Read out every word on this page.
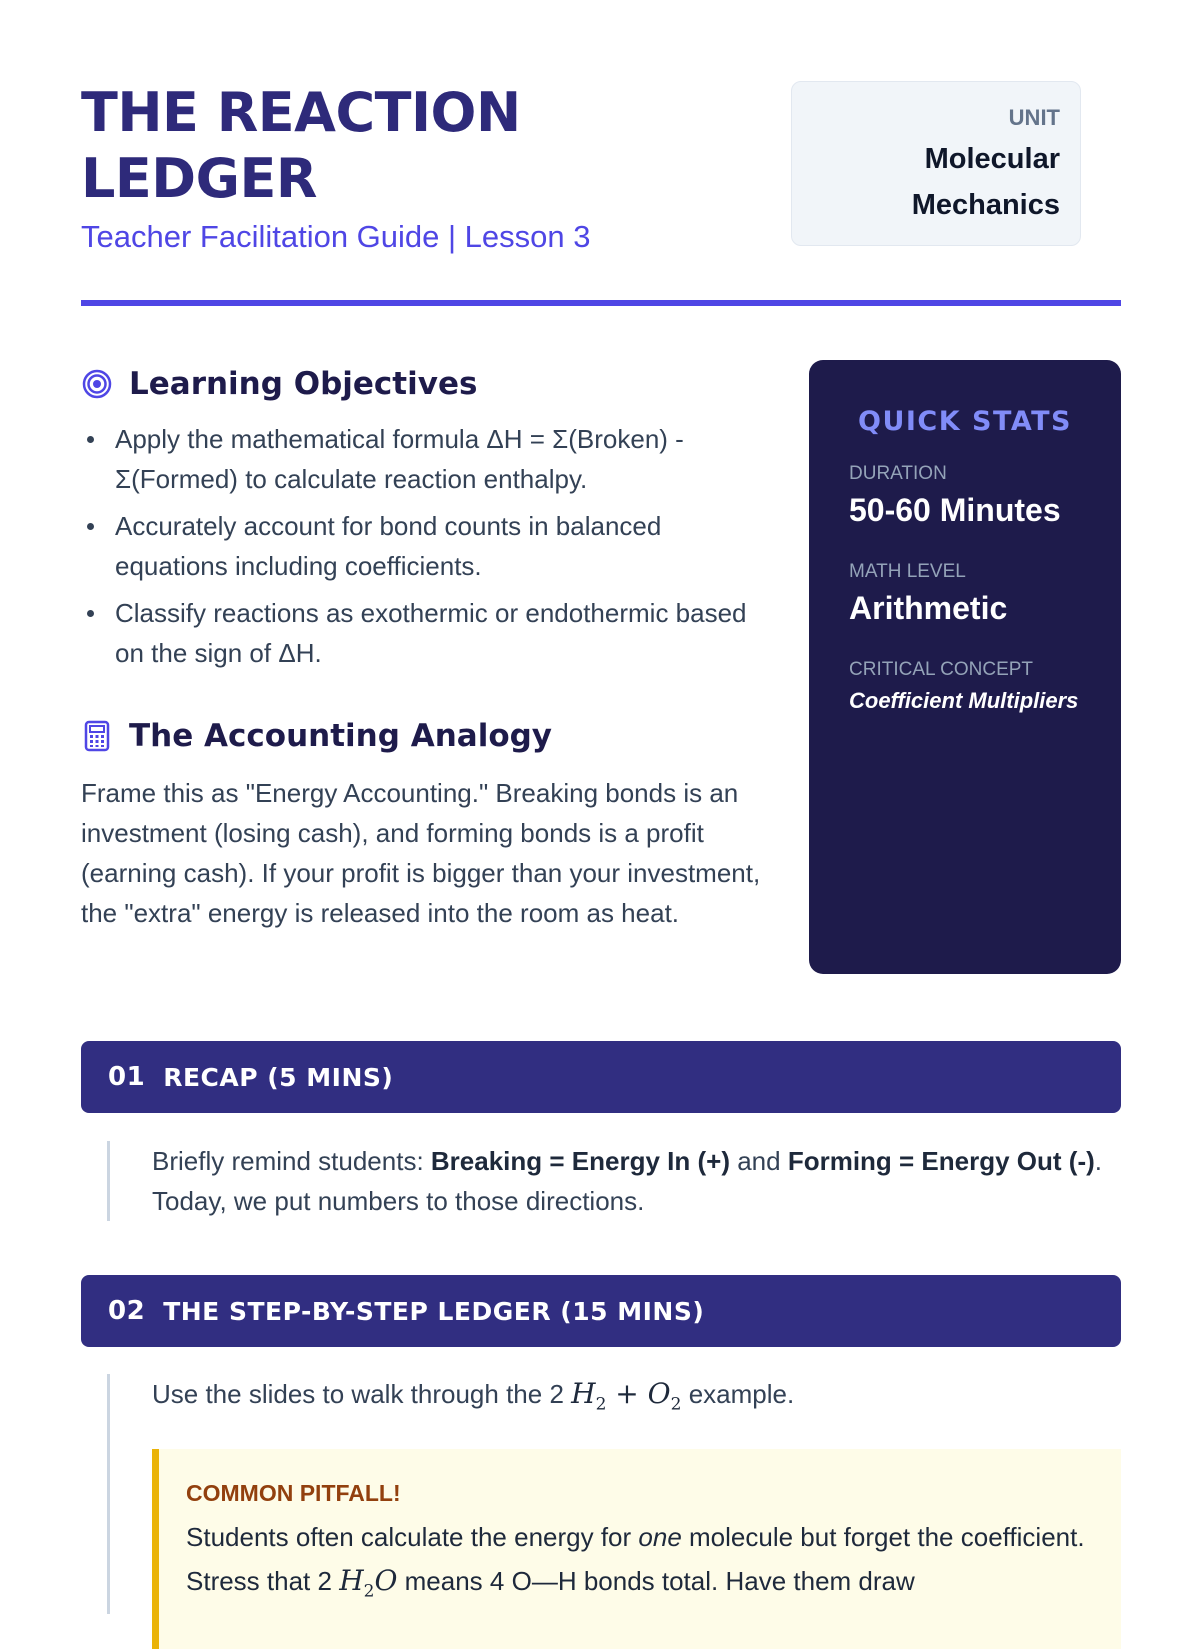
THE REACTION
LEDGER
Teacher Facilitation Guide | Lesson 3
UNIT
Molecular
Mechanics
Learning Objectives
Apply the mathematical formula ΔH = Σ(Broken) - Σ(Formed) to calculate reaction enthalpy.
Accurately account for bond counts in balanced equations including coefficients.
Classify reactions as exothermic or endothermic based on the sign of ΔH.
The Accounting Analogy

Frame this as "Energy Accounting." Breaking bonds is an investment (losing cash), and forming bonds is a profit (earning cash). If your profit is bigger than your investment, the "extra" energy is released into the room as heat.

QUICK STATS
DURATION
50-60 Minutes
MATH LEVEL
Arithmetic
CRITICAL CONCEPT
Coefficient Multipliers
01 RECAP (5 MINS)

Briefly remind students: Breaking = Energy In (+) and Forming = Energy Out (-). Today, we put numbers to those directions.

02 THE STEP-BY-STEP LEDGER (15 MINS)

Use the slides to walk through the 2 $H_2 + O_2$ example.

COMMON PITFALL!
Students often calculate the energy for one molecule but forget the coefficient. Stress that 2 $H_2O$ means 4 O—H bonds total. Have them draw
